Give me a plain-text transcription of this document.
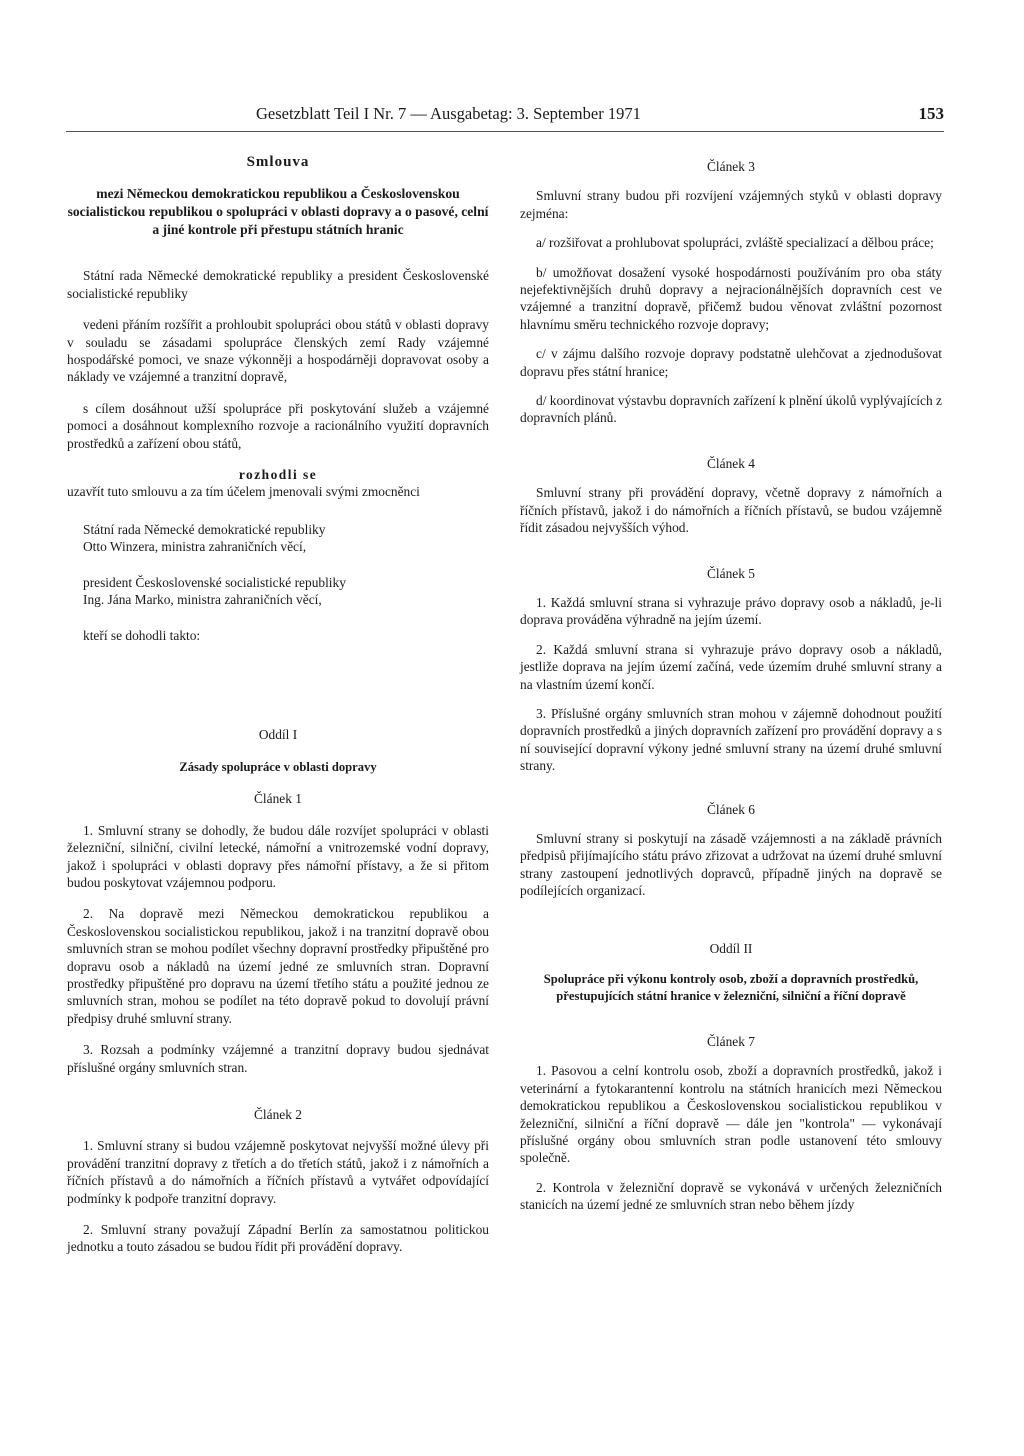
Gesetzblatt Teil I Nr. 7 — Ausgabetag: 3. September 1971	153

Smlouva

mezi Německou demokratickou republikou a Československou socialistickou republikou o spolupráci v oblasti dopravy a o pasové, celní a jiné kontrole při přestupu státních hranic

Státní rada Německé demokratické republiky a president Československé socialistické republiky

vedeni přáním rozšířit a prohloubit spolupráci obou států v oblasti dopravy v souladu se zásadami spolupráce členských zemí Rady vzájemné hospodářské pomoci, ve snaze výkonněji a hospodárněji dopravovat osoby a náklady ve vzájemné a tranzitní dopravě,

s cílem dosáhnout užší spolupráce při poskytování služeb a vzájemné pomoci a dosáhnout komplexního rozvoje a racionálního využití dopravních prostředků a zařízení obou států,

rozhodli se

uzavřít tuto smlouvu a za tím účelem jmenovali svými zmocněnci

Státní rada Německé demokratické republiky

Otto Winzera, ministra zahraničních věcí,

president Československé socialistické republiky

Ing. Jána Marko, ministra zahraničních věcí,

kteří se dohodli takto:

Oddíl I

Zásady spolupráce v oblasti dopravy

Článek 1

1. Smluvní strany se dohodly, že budou dále rozvíjet spolupráci v oblasti železniční, silniční, civilní letecké, námořní a vnitrozemské vodní dopravy, jakož i spolupráci v oblasti dopravy přes námořní přístavy, a že si přitom budou poskytovat vzájemnou podporu.

2. Na dopravě mezi Německou demokratickou republikou a Československou socialistickou republikou, jakož i na tranzitní dopravě obou smluvních stran se mohou podílet všechny dopravní prostředky připuštěné pro dopravu osob a nákladů na území jedné ze smluvních stran. Dopravní prostředky připuštěné pro dopravu na území třetího státu a použité jednou ze smluvních stran, mohou se podílet na této dopravě pokud to dovolují právní předpisy druhé smluvní strany.

3. Rozsah a podmínky vzájemné a tranzitní dopravy budou sjednávat příslušné orgány smluvních stran.

Článek 2

1. Smluvní strany si budou vzájemně poskytovat nejvyšší možné úlevy při provádění tranzitní dopravy z třetích a do třetích států, jakož i z námořních a říčních přístavů a do námořních a říčních přístavů a vytvářet odpovídající podmínky k podpoře tranzitní dopravy.

2. Smluvní strany považují Západní Berlín za samostatnou politickou jednotku a touto zásadou se budou řídit při provádění dopravy.

Článek 3

Smluvní strany budou při rozvíjení vzájemných styků v oblasti dopravy zejména:

a/ rozšiřovat a prohlubovat spolupráci, zvláště specializací a dělbou práce;

b/ umožňovat dosažení vysoké hospodárnosti používáním pro oba státy nejefektivnějších druhů dopravy a nejracionálnějších dopravních cest ve vzájemné a tranzitní dopravě, přičemž budou věnovat zvláštní pozornost hlavnímu směru technického rozvoje dopravy;

c/ v zájmu dalšího rozvoje dopravy podstatně ulehčovat a zjednodušovat dopravu přes státní hranice;

d/ koordinovat výstavbu dopravních zařízení k plnění úkolů vyplývajících z dopravních plánů.

Článek 4

Smluvní strany při provádění dopravy, včetně dopravy z námořních a říčních přístavů, jakož i do námořních a říčních přístavů, se budou vzájemně řídit zásadou nejvyšších výhod.

Článek 5

1. Každá smluvní strana si vyhrazuje právo dopravy osob a nákladů, je-li doprava prováděna výhradně na jejím území.

2. Každá smluvní strana si vyhrazuje právo dopravy osob a nákladů, jestliže doprava na jejím území začíná, vede územím druhé smluvní strany a na vlastním území končí.

3. Příslušné orgány smluvních stran mohou v zájemně dohodnout použití dopravních prostředků a jiných dopravních zařízení pro provádění dopravy a s ní související dopravní výkony jedné smluvní strany na území druhé smluvní strany.

Článek 6

Smluvní strany si poskytují na zásadě vzájemnosti a na základě právních předpisů přijímajícího státu právo zřizovat a udržovat na území druhé smluvní strany zastoupení jednotlivých dopravců, případně jiných na dopravě se podílejících organizací.

Oddíl II

Spolupráce při výkonu kontroly osob, zboží a dopravních prostředků, přestupujících státní hranice v železniční, silniční a říční dopravě

Článek 7

1. Pasovou a celní kontrolu osob, zboží a dopravních prostředků, jakož i veterinární a fytokarantenní kontrolu na státních hranicích mezi Německou demokratickou republikou a Československou socialistickou republikou v železniční, silniční a říční dopravě — dále jen "kontrola" — vykonávají příslušné orgány obou smluvních stran podle ustanovení této smlouvy společně.

2. Kontrola v železniční dopravě se vykonává v určených železničních stanicích na území jedné ze smluvních stran nebo během jízdy
